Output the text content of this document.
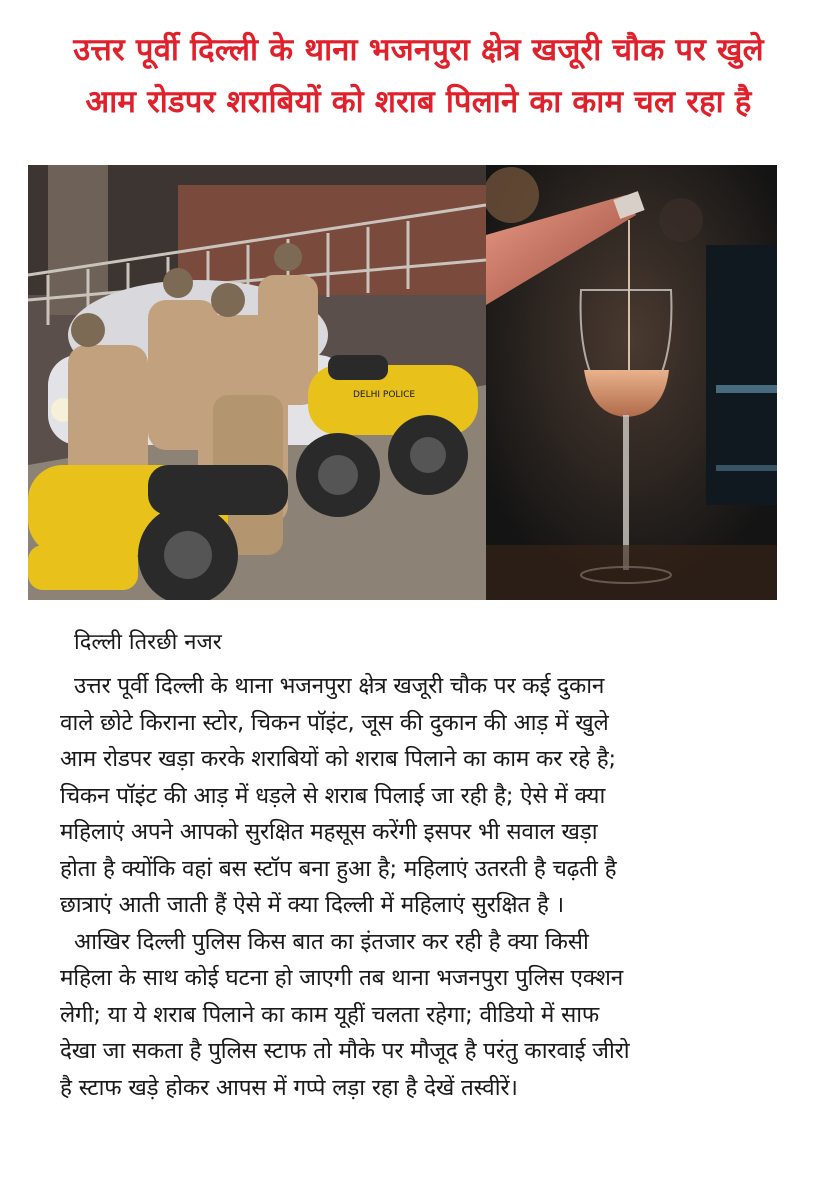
उत्तर पूर्वी दिल्ली के थाना भजनपुरा क्षेत्र खजूरी चौक पर खुले
आम रोडपर शराबियों को शराब पिलाने का काम चल रहा है
DELHI POLICE
दिल्ली तिरछी नजर
उत्तर पूर्वी दिल्ली के थाना भजनपुरा क्षेत्र खजूरी चौक पर कई दुकान
वाले छोटे किराना स्टोर, चिकन पॉइंट, जूस की दुकान की आड़ में खुले
आम रोडपर खड़ा करके शराबियों को शराब पिलाने का काम कर रहे है;
चिकन पॉइंट की आड़ में धड़ले से शराब पिलाई जा रही है; ऐसे में क्या
महिलाएं अपने आपको सुरक्षित महसूस करेंगी इसपर भी सवाल खड़ा
होता है क्योंकि वहां बस स्टॉप बना हुआ है; महिलाएं उतरती है चढ़ती है
छात्राएं आती जाती हैं ऐसे में क्या दिल्ली में महिलाएं सुरक्षित है ।
आखिर दिल्ली पुलिस किस बात का इंतजार कर रही है क्या किसी
महिला के साथ कोई घटना हो जाएगी तब थाना भजनपुरा पुलिस एक्शन
लेगी; या ये शराब पिलाने का काम यूहीं चलता रहेगा; वीडियो में साफ
देखा जा सकता है पुलिस स्टाफ तो मौके पर मौजूद है परंतु कारवाई जीरो
है स्टाफ खड़े होकर आपस में गप्पे लड़ा रहा है देखें तस्वीरें।
